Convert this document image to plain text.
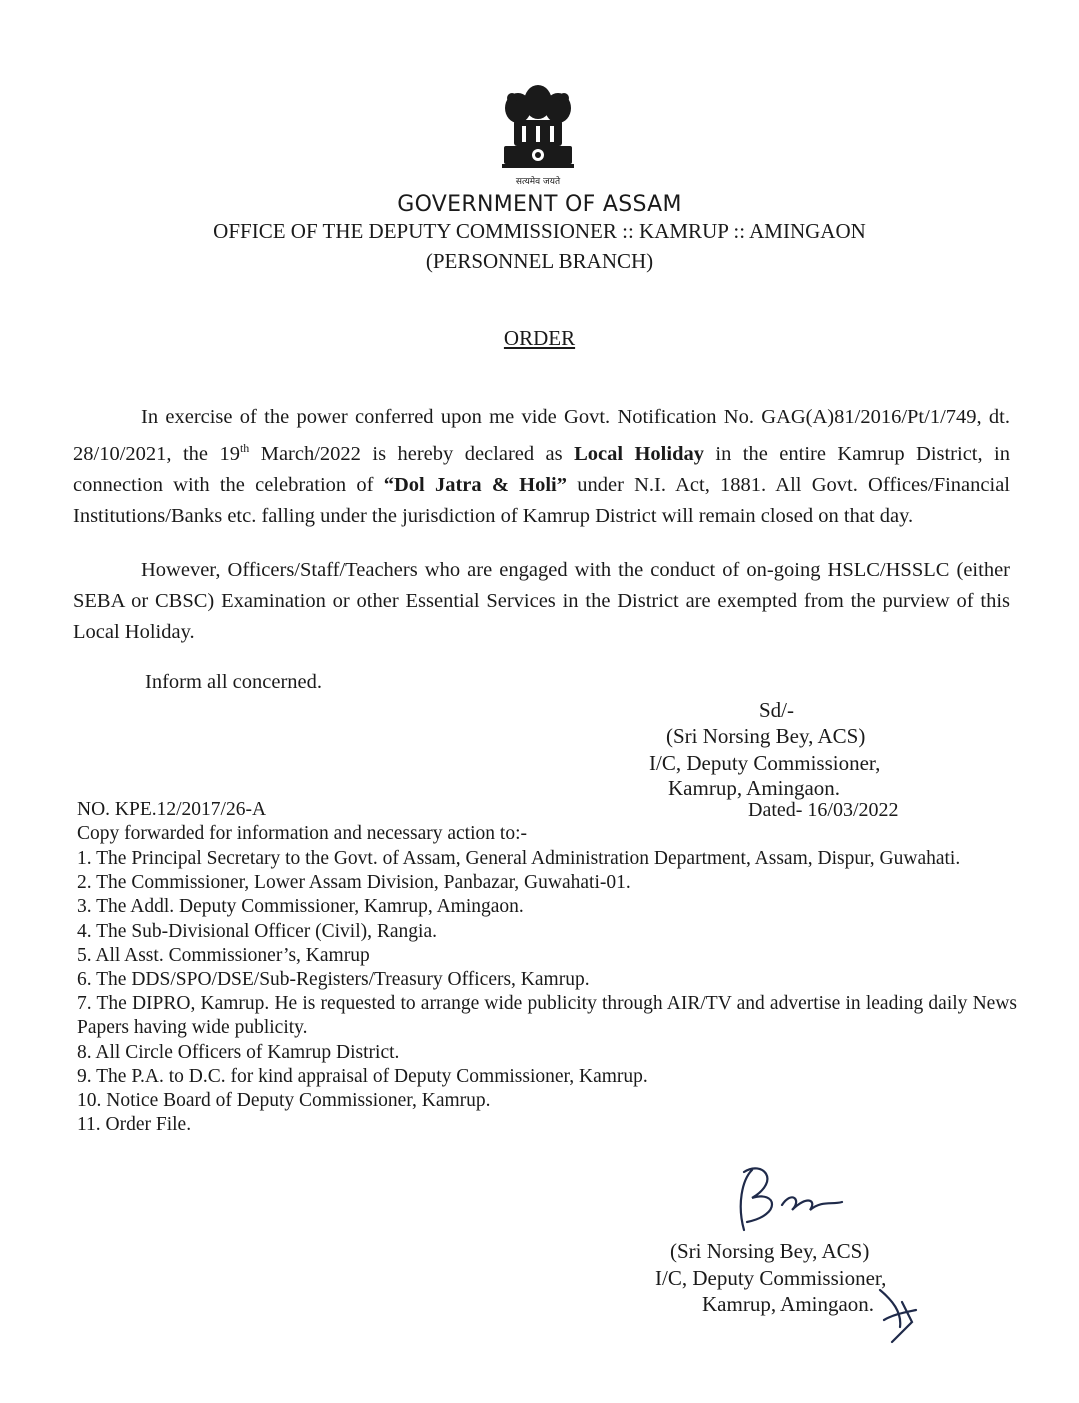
सत्यमेव जयते
GOVERNMENT OF ASSAM
OFFICE OF THE DEPUTY COMMISSIONER :: KAMRUP :: AMINGAON
(PERSONNEL BRANCH)
ORDER

In exercise of the power conferred upon me vide Govt. Notification No. GAG(A)81/2016/Pt/1/749, dt. 28/10/2021, the 19th March/2022 is hereby declared as Local Holiday in the entire Kamrup District, in connection with the celebration of “Dol Jatra & Holi” under N.I. Act, 1881. All Govt. Offices/Financial Institutions/Banks etc. falling under the jurisdiction of Kamrup District will remain closed on that day.

However, Officers/Staff/Teachers who are engaged with the conduct of on-going HSLC/HSSLC (either SEBA or CBSC) Examination or other Essential Services in the District are exempted from the purview of this Local Holiday.

Inform all concerned.
Sd/-
(Sri Norsing Bey, ACS)
I/C, Deputy Commissioner,
Kamrup, Amingaon.
NO. KPE.12/2017/26-A	Dated- 16/03/2022
Copy forwarded for information and necessary action to:-
1. The Principal Secretary to the Govt. of Assam, General Administration Department, Assam, Dispur, Guwahati.
2. The Commissioner, Lower Assam Division, Panbazar, Guwahati-01.
3. The Addl. Deputy Commissioner, Kamrup, Amingaon.
4. The Sub-Divisional Officer (Civil), Rangia.
5. All Asst. Commissioner’s, Kamrup
6. The DDS/SPO/DSE/Sub-Registers/Treasury Officers, Kamrup.
7. The DIPRO, Kamrup. He is requested to arrange wide publicity through AIR/TV and advertise in leading daily News Papers having wide publicity.
8. All Circle Officers of Kamrup District.
9. The P.A. to D.C. for kind appraisal of Deputy Commissioner, Kamrup.
10. Notice Board of Deputy Commissioner, Kamrup.
11. Order File.
(Sri Norsing Bey, ACS)
I/C, Deputy Commissioner,
Kamrup, Amingaon.
